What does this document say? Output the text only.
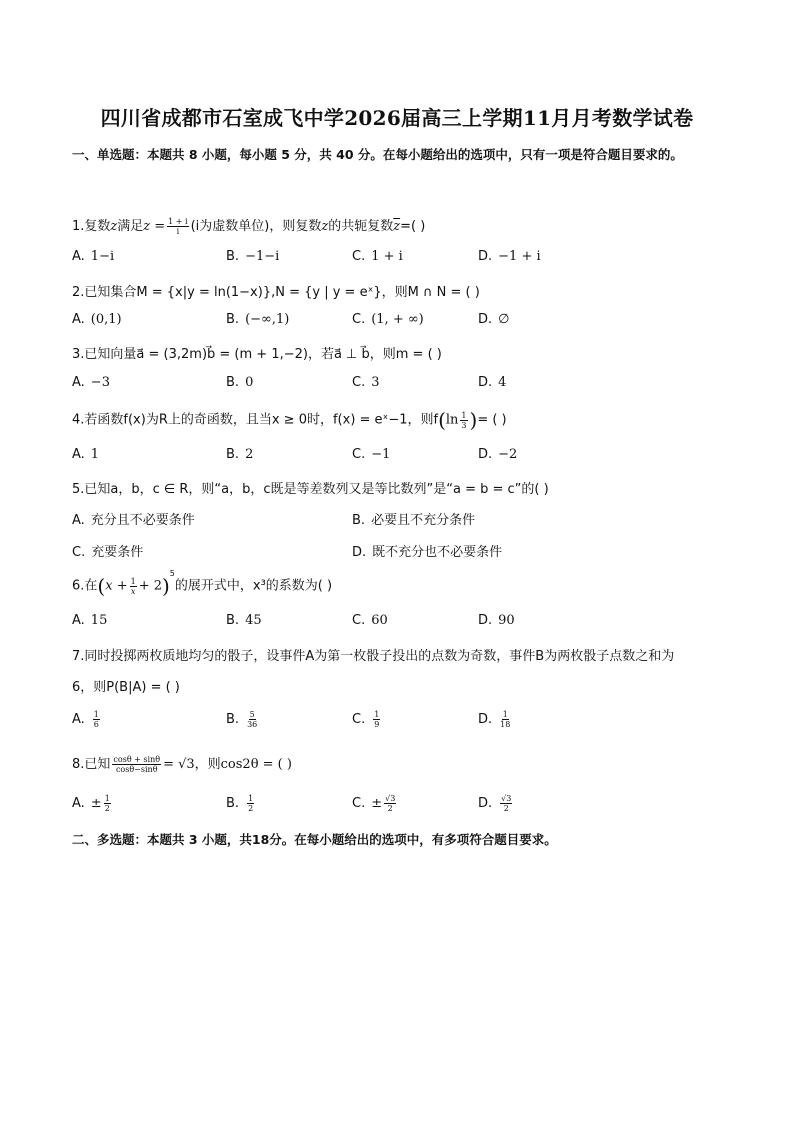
四川省成都市石室成飞中学2026届高三上学期11月月考数学试卷
一、单选题：本题共 8 小题，每小题 5 分，共 40 分。在每小题给出的选项中，只有一项是符合题目要求的。
1.复数z满足$z = \frac{1 + i}{i} (i$为虚数单位)，则复数z的共轭复数$\overline{z}=$( )
A. 1−i	B. −1−i	C. 1 + i	D. −1 + i
2.已知集合M = {x|y = ln(1−x)},N = {y | y = eˣ}，则M ∩ N = ( )
A. (0,1)	B. (−∞,1)	C. (1, + ∞)	D. ∅
3.已知向量a⃗ = (3,2m)b⃗ = (m + 1,−2)，若a⃗ ⊥ b⃗，则m = ( )
A. −3	B. 0	C. 3	D. 4
4.若函数f(x)为R上的奇函数，且当x ≥ 0时，f(x) = eˣ−1，则$f(\ln \frac{1}{3}$ )= ( )
A. 1	B. 2	C. −1	D. −2
5.已知a，b，c ∈ R，则“a，b，c既是等差数列又是等比数列”是“a = b = c”的( )
A. 充分且不必要条件	B. 必要且不充分条件
C. 充要条件	D. 既不充分也不必要条件
6.在$(x + \frac{1}{x} + 2)^5$的展开式中，x³的系数为( )
A. 15	B. 45	C. 60	D. 90
7.同时投掷两枚质地均匀的骰子，设事件A为第一枚骰子投出的点数为奇数，事件B为两枚骰子点数之和为
6，则P(B|A) = ( )
A. $\frac{1}{6}$	B. $\frac{5}{36}$	C. $\frac{1}{9}$	D. $\frac{1}{18}$
8.已知 $\frac{\cos\theta + \sin\theta}{\cos\theta-\sin\theta} = √3$，则cos2θ = ( )
A. ± $\frac{1}{2}$	B. $\frac{1}{2}$	C. ± $\frac{√3}{2}$	D. $\frac{√3}{2}$
二、多选题：本题共 3 小题，共18分。在每小题给出的选项中，有多项符合题目要求。
